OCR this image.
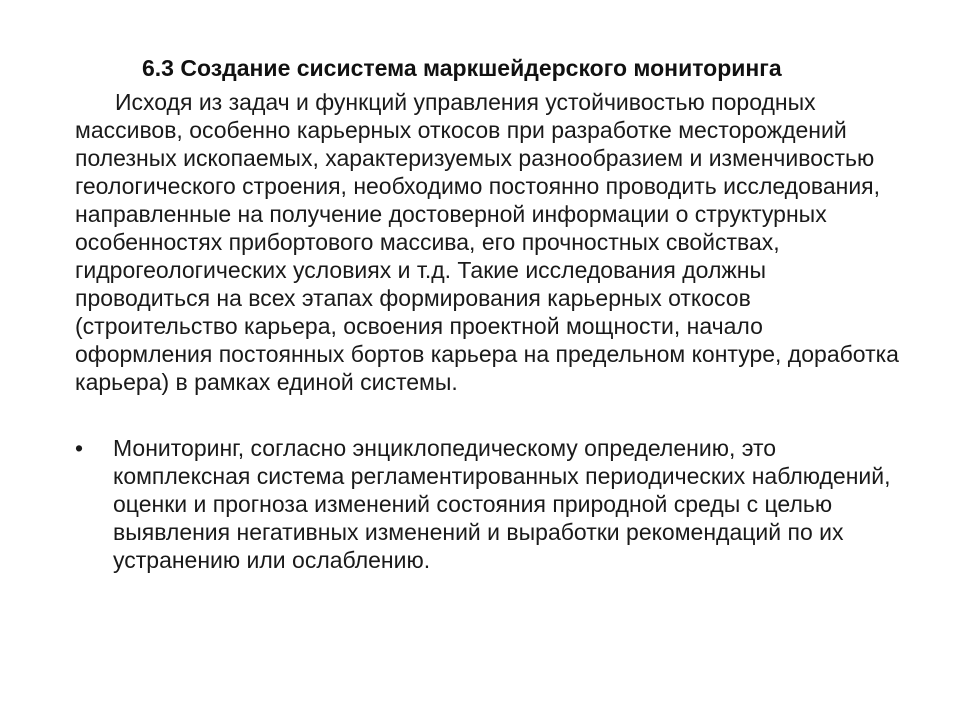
6.3 Создание сисистема маркшейдерского мониторинга

Исходя из задач и функций управления устойчивостью породных массивов, особенно карьерных откосов при разработке месторождений полезных ископаемых, характеризуемых разнообразием и изменчивостью геологического строения, необходимо постоянно проводить исследования, направленные на получение достоверной информации о структурных особенностях прибортового массива, его прочностных свойствах, гидрогеологических условиях и т.д. Такие исследования должны проводиться на всех этапах формирования карьерных откосов (строительство карьера, освоения проектной мощности, начало оформления постоянных бортов карьера на предельном контуре, доработка карьера) в рамках единой системы.

•	Мониторинг, согласно энциклопедическому определению, это комплексная система регламентированных периодических наблюдений, оценки и прогноза изменений состояния природной среды с целью выявления негативных изменений и выработки рекомендаций по их устранению или ослаблению.
